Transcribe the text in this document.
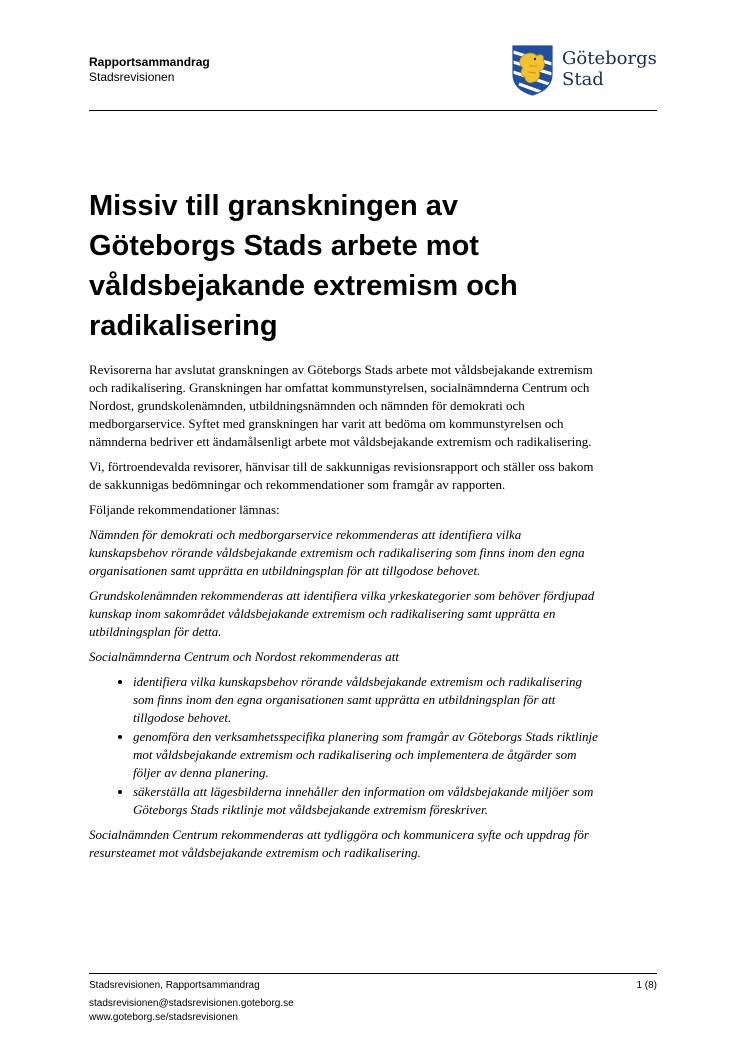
Rapportsammandrag
Stadsrevisionen
Göteborgs
Stad
Missiv till granskningen av Göteborgs Stads arbete mot våldsbejakande extremism och radikalisering

Revisorerna har avslutat granskningen av Göteborgs Stads arbete mot våldsbejakande extremism och radikalisering. Granskningen har omfattat kommunstyrelsen, socialnämnderna Centrum och Nordost, grundskolenämnden, utbildningsnämnden och nämnden för demokrati och medborgarservice. Syftet med granskningen har varit att bedöma om kommunstyrelsen och nämnderna bedriver ett ändamålsenligt arbete mot våldsbejakande extremism och radikalisering.

Vi, förtroendevalda revisorer, hänvisar till de sakkunnigas revisionsrapport och ställer oss bakom de sakkunnigas bedömningar och rekommendationer som framgår av rapporten.

Följande rekommendationer lämnas:

Nämnden för demokrati och medborgarservice rekommenderas att identifiera vilka kunskapsbehov rörande våldsbejakande extremism och radikalisering som finns inom den egna organisationen samt upprätta en utbildningsplan för att tillgodose behovet.

Grundskolenämnden rekommenderas att identifiera vilka yrkeskategorier som behöver fördjupad kunskap inom sakområdet våldsbejakande extremism och radikalisering samt upprätta en utbildningsplan för detta.

Socialnämnderna Centrum och Nordost rekommenderas att

• identifiera vilka kunskapsbehov rörande våldsbejakande extremism och radikalisering som finns inom den egna organisationen samt upprätta en utbildningsplan för att tillgodose behovet.
• genomföra den verksamhetsspecifika planering som framgår av Göteborgs Stads riktlinje mot våldsbejakande extremism och radikalisering och implementera de åtgärder som följer av denna planering.
• säkerställa att lägesbilderna innehåller den information om våldsbejakande miljöer som Göteborgs Stads riktlinje mot våldsbejakande extremism föreskriver.

Socialnämnden Centrum rekommenderas att tydliggöra och kommunicera syfte och uppdrag för resursteamet mot våldsbejakande extremism och radikalisering.

Stadsrevisionen, Rapportsammandrag	1 (8)
stadsrevisionen@stadsrevisionen.goteborg.se
www.goteborg.se/stadsrevisionen
